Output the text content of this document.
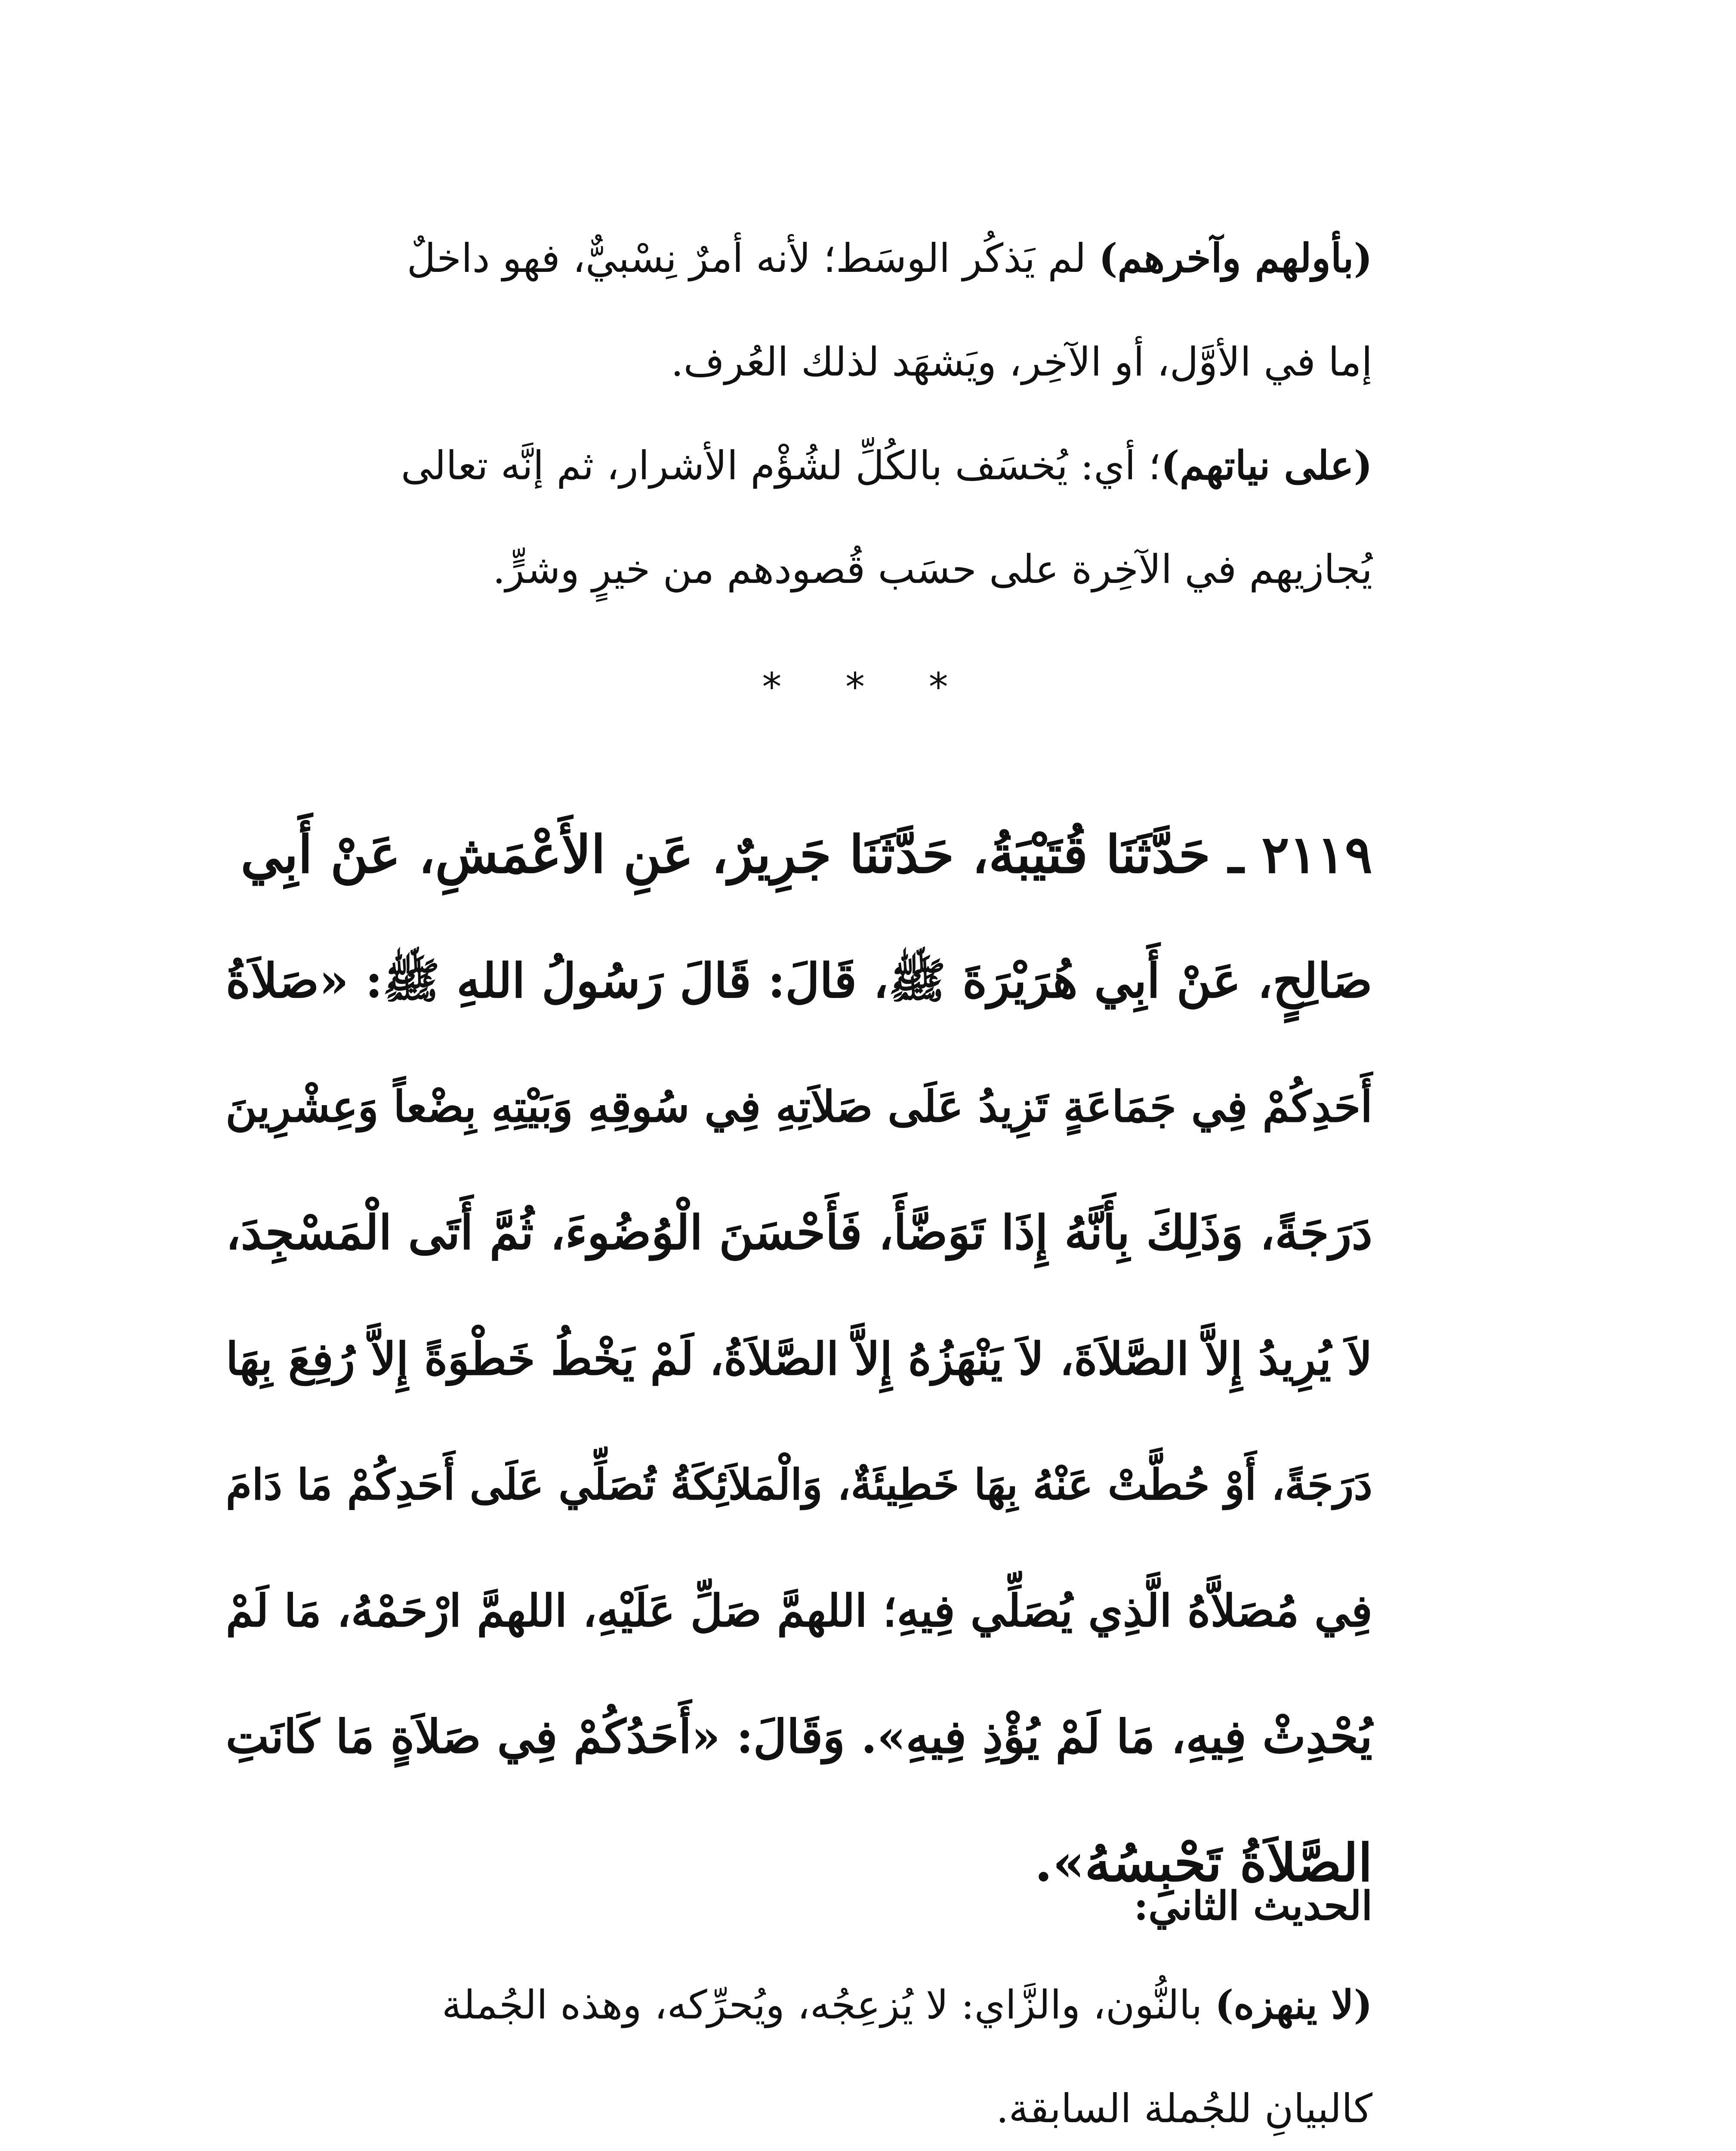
(بأولهم وآخرهم) لم يَذكُر الوسَط؛ لأنه أمرٌ نِسْبيٌّ، فهو داخلٌ
إما في الأوَّل، أو الآخِر، ويَشهَد لذلك العُرف.
(على نياتهم)؛ أي: يُخسَف بالكُلِّ لشُؤْم الأشرار، ثم إنَّه تعالى
يُجازيهم في الآخِرة على حسَب قُصودهم من خيرٍ وشرٍّ.
* * *
٢١١٩ ـ حَدَّثَنَا قُتَيْبَةُ، حَدَّثَنَا جَرِيرٌ، عَنِ الأَعْمَشِ، عَنْ أَبِي
صَالِحٍ، عَنْ أَبِي هُرَيْرَةَ ﷺ، قَالَ: قَالَ رَسُولُ اللهِ ﷺ: «صَلاَةُ
أَحَدِكُمْ فِي جَمَاعَةٍ تَزِيدُ عَلَى صَلاَتِهِ فِي سُوقِهِ وَبَيْتِهِ بِضْعاً وَعِشْرِينَ
دَرَجَةً، وَذَلِكَ بِأَنَّهُ إِذَا تَوَضَّأَ، فَأَحْسَنَ الْوُضُوءَ، ثُمَّ أَتَى الْمَسْجِدَ،
لاَ يُرِيدُ إِلاَّ الصَّلاَةَ، لاَ يَنْهَزُهُ إِلاَّ الصَّلاَةُ، لَمْ يَخْطُ خَطْوَةً إِلاَّ رُفِعَ بِهَا
دَرَجَةً، أَوْ حُطَّتْ عَنْهُ بِهَا خَطِيئَةٌ، وَالْمَلاَئِكَةُ تُصَلِّي عَلَى أَحَدِكُمْ مَا دَامَ
فِي مُصَلاَّهُ الَّذِي يُصَلِّي فِيهِ؛ اللهمَّ صَلِّ عَلَيْهِ، اللهمَّ ارْحَمْهُ، مَا لَمْ
يُحْدِثْ فِيهِ، مَا لَمْ يُؤْذِ فِيهِ». وَقَالَ: «أَحَدُكُمْ فِي صَلاَةٍ مَا كَانَتِ
الصَّلاَةُ تَحْبِسُهُ».
الحديث الثاني:
(لا ينهزه) بالنُّون، والزَّاي: لا يُزعِجُه، ويُحرِّكه، وهذه الجُملة
كالبيانِ للجُملة السابقة.
